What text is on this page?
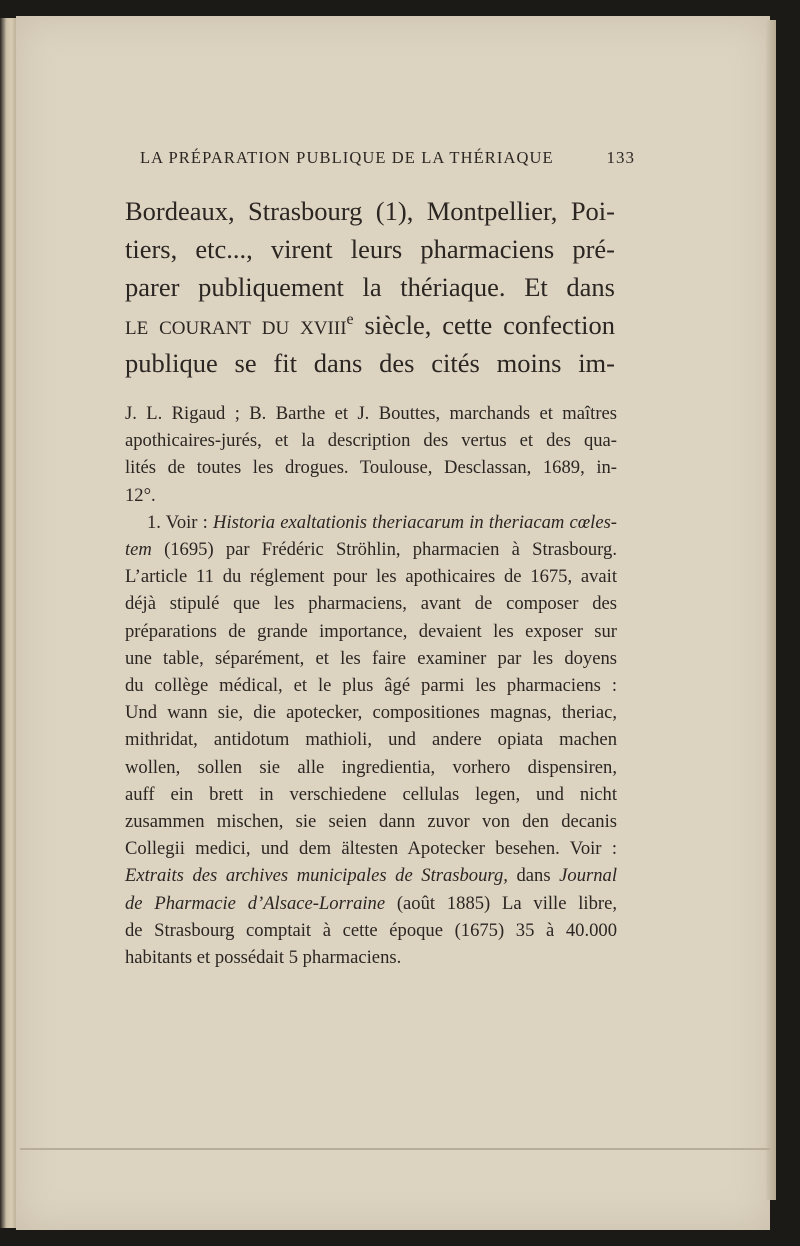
LA PRÉPARATION PUBLIQUE DE LA THÉRIAQUE	133
Bordeaux, Strasbourg (1), Montpellier, Poi-
tiers, etc..., virent leurs pharmaciens pré-
parer publiquement la thériaque. Et dans
le courant du xviii$^e$ siècle, cette confection
publique se fit dans des cités moins im-
J. L. Rigaud ; B. Barthe et J. Bouttes, marchands et maîtres
apothicaires-jurés, et la description des vertus et des qua-
lités de toutes les drogues. Toulouse, Desclassan, 1689, in-
12°.
1. Voir : Historia exaltationis theriacarum in theriacam cœles-
tem (1695) par Frédéric Ströhlin, pharmacien à Strasbourg.
L’article 11 du réglement pour les apothicaires de 1675, avait
déjà stipulé que les pharmaciens, avant de composer des
préparations de grande importance, devaient les exposer sur
une table, séparément, et les faire examiner par les doyens
du collège médical, et le plus âgé parmi les pharmaciens :
Und wann sie, die apotecker, compositiones magnas, theriac,
mithridat, antidotum mathioli, und andere opiata machen
wollen, sollen sie alle ingredientia, vorhero dispensiren,
auff ein brett in verschiedene cellulas legen, und nicht
zusammen mischen, sie seien dann zuvor von den decanis
Collegii medici, und dem ältesten Apotecker besehen. Voir :
Extraits des archives municipales de Strasbourg, dans Journal
de Pharmacie d’Alsace-Lorraine (août 1885) La ville libre,
de Strasbourg comptait à cette époque (1675) 35 à 40.000
habitants et possédait 5 pharmaciens.
